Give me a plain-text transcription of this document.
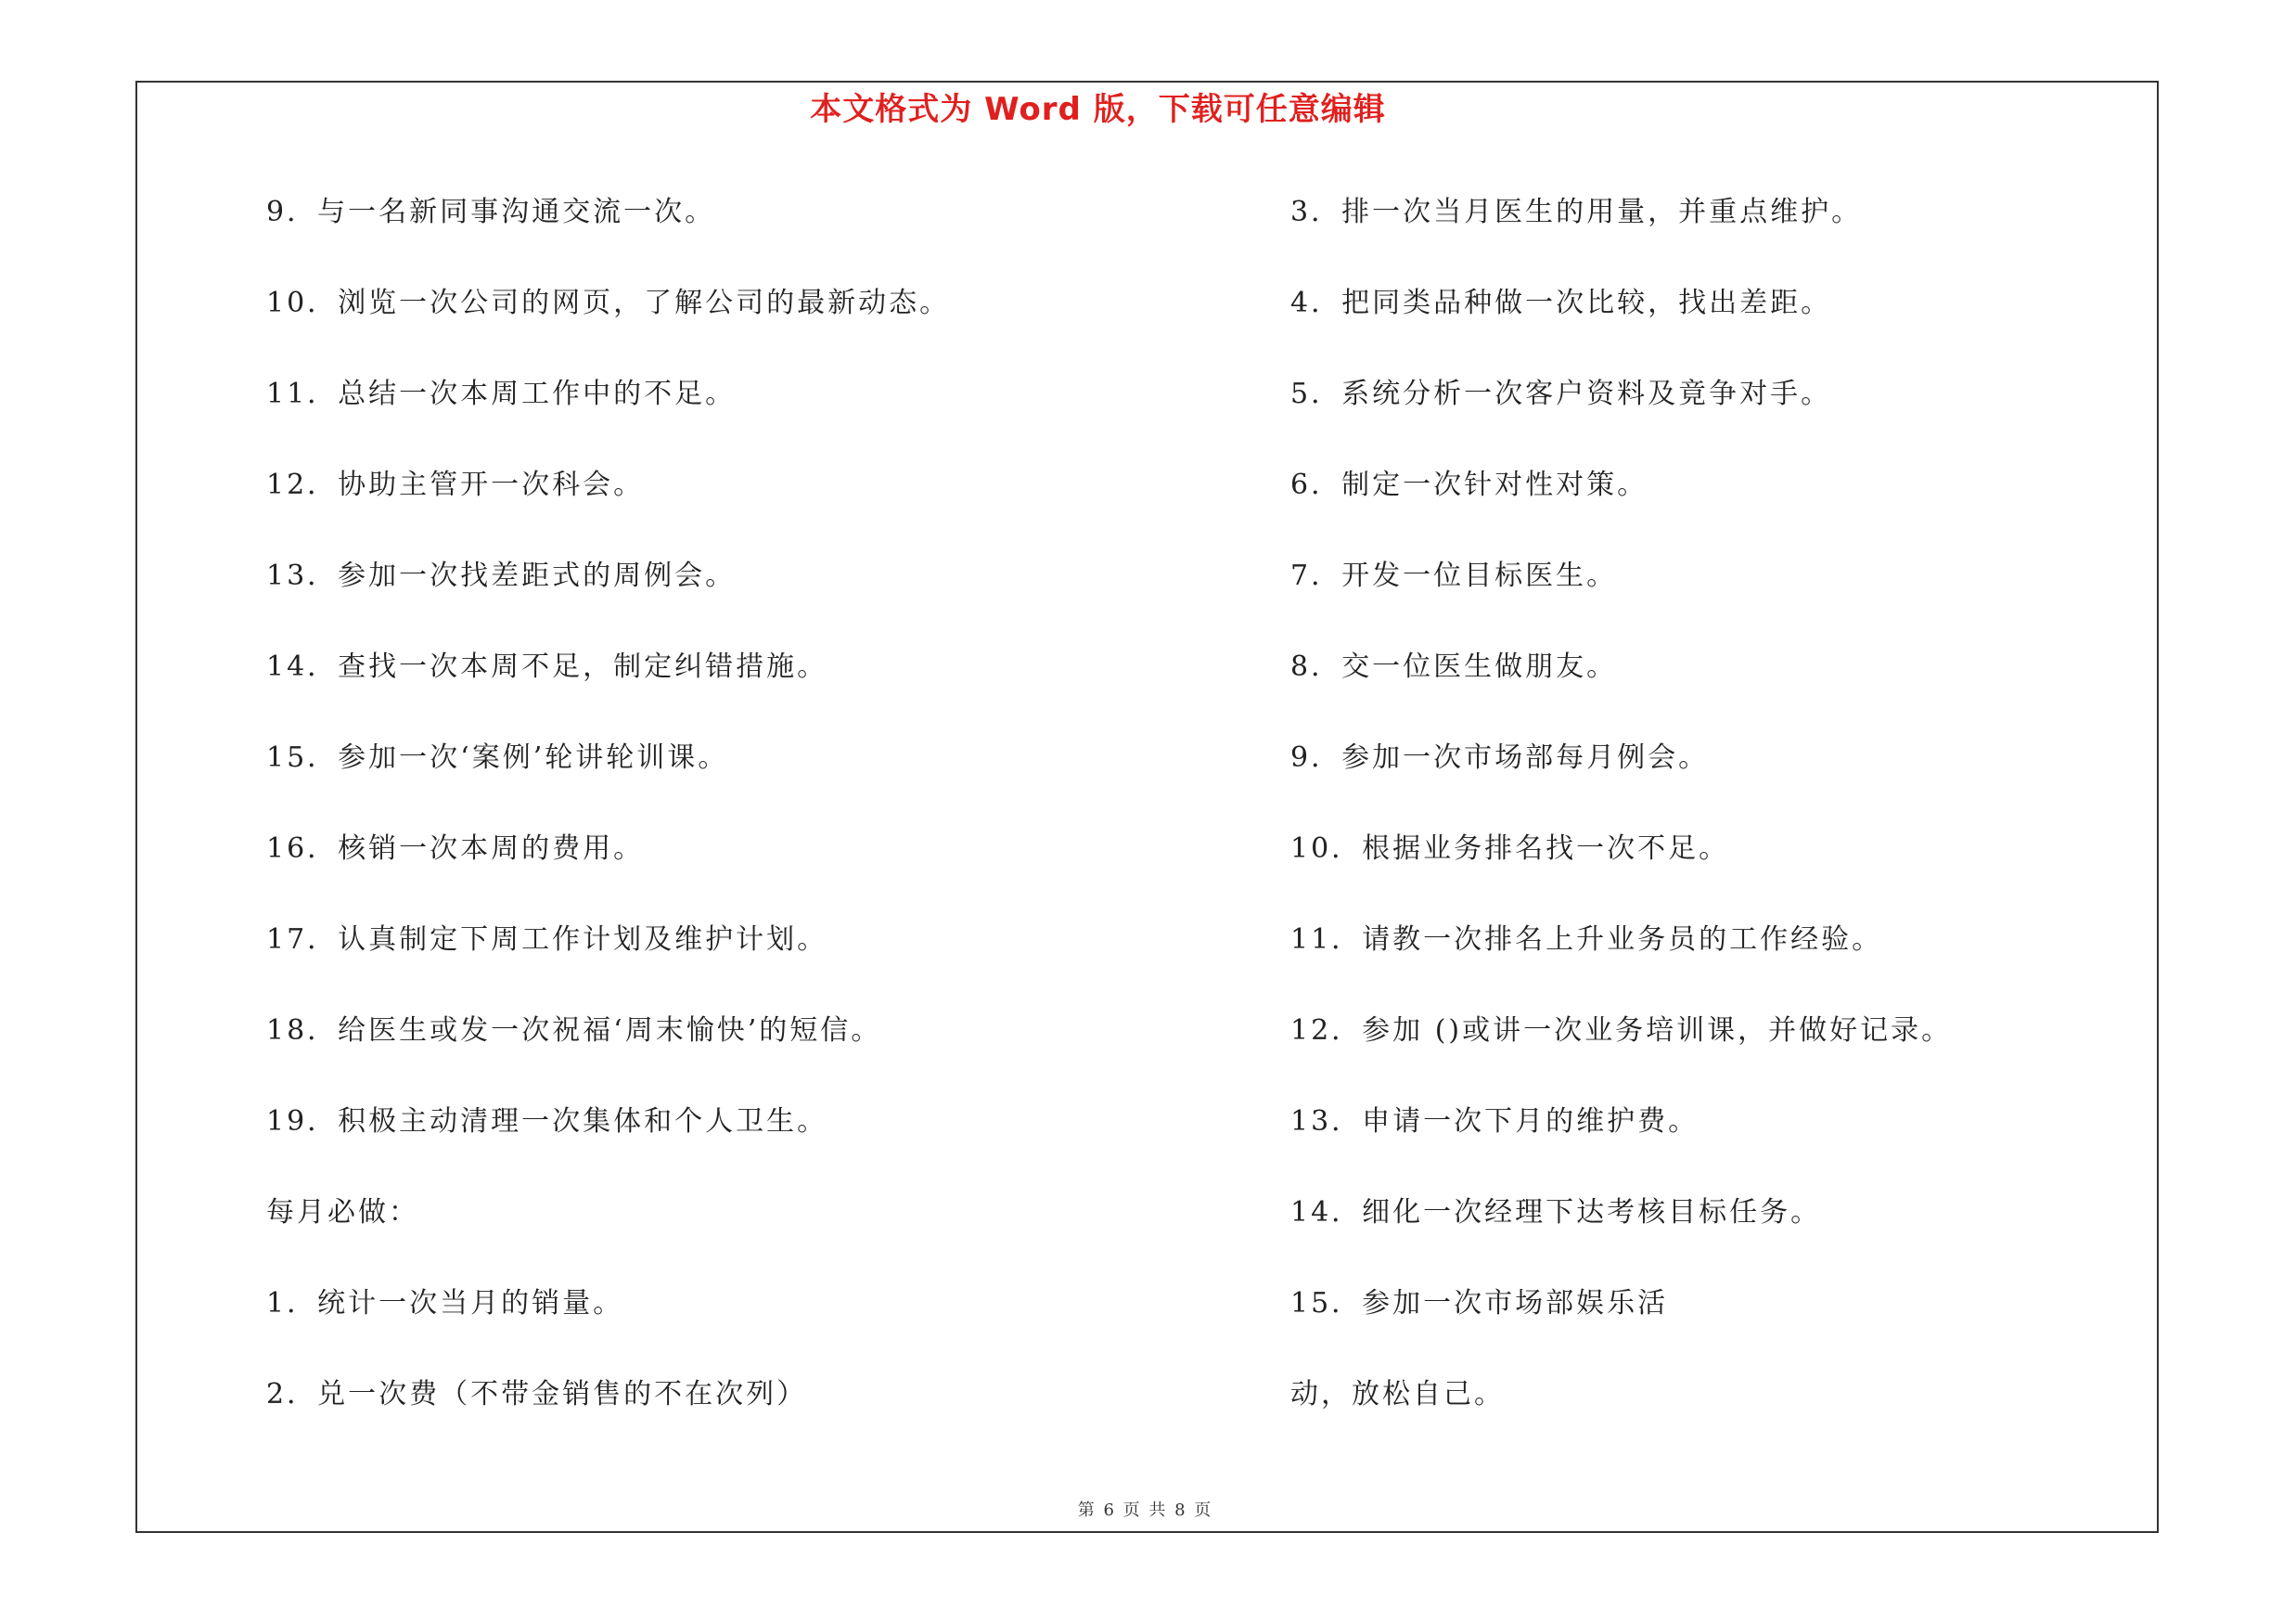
本文格式为 Word 版，下载可任意编辑
9．与一名新同事沟通交流一次。
10．浏览一次公司的网页，了解公司的最新动态。
11．总结一次本周工作中的不足。
12．协助主管开一次科会。
13．参加一次找差距式的周例会。
14．查找一次本周不足，制定纠错措施。
15．参加一次‘案例’轮讲轮训课。
16．核销一次本周的费用。
17．认真制定下周工作计划及维护计划。
18．给医生或发一次祝福‘周末愉快’的短信。
19．积极主动清理一次集体和个人卫生。
每月必做：
1．统计一次当月的销量。
2．兑一次费（不带金销售的不在次列）
3．排一次当月医生的用量，并重点维护。
4．把同类品种做一次比较，找出差距。
5．系统分析一次客户资料及竟争对手。
6．制定一次针对性对策。
7．开发一位目标医生。
8．交一位医生做朋友。
9．参加一次市场部每月例会。
10．根据业务排名找一次不足。
11．请教一次排名上升业务员的工作经验。
12．参加 ()或讲一次业务培训课，并做好记录。
13．申请一次下月的维护费。
14．细化一次经理下达考核目标任务。
15．参加一次市场部娱乐活
动，放松自己。
第 6 页 共 8 页
